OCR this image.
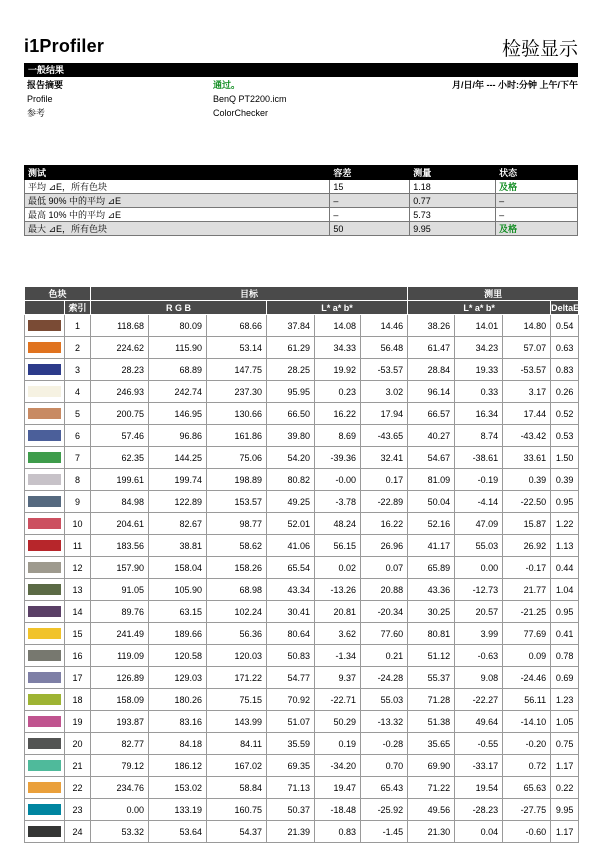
i1Profiler	检验显示
一般结果
报告摘要	通过。	月/日/年 --- 小时:分钟 上午/下午
Profile	BenQ PT2200.icm
参考	ColorChecker
测试	容差	测量	状态
平均 ⊿E，所有色块	15	1.18	及格
最低 90% 中的平均 ⊿E	–	0.77	–
最高 10% 中的平均 ⊿E	–	5.73	–
最大 ⊿E，所有色块	50	9.95	及格
色块		目标						测里			
	索引	R G B			L* a* b*			L* a* b*			DeltaE(76)

	1	118.68	80.09	68.66	37.84	14.08	14.46	38.26	14.01	14.80	0.54

	2	224.62	115.90	53.14	61.29	34.33	56.48	61.47	34.23	57.07	0.63

	3	28.23	68.89	147.75	28.25	19.92	-53.57	28.84	19.33	-53.57	0.83

	4	246.93	242.74	237.30	95.95	0.23	3.02	96.14	0.33	3.17	0.26

	5	200.75	146.95	130.66	66.50	16.22	17.94	66.57	16.34	17.44	0.52

	6	57.46	96.86	161.86	39.80	8.69	-43.65	40.27	8.74	-43.42	0.53

	7	62.35	144.25	75.06	54.20	-39.36	32.41	54.67	-38.61	33.61	1.50

	8	199.61	199.74	198.89	80.82	-0.00	0.17	81.09	-0.19	0.39	0.39

	9	84.98	122.89	153.57	49.25	-3.78	-22.89	50.04	-4.14	-22.50	0.95

	10	204.61	82.67	98.77	52.01	48.24	16.22	52.16	47.09	15.87	1.22

	11	183.56	38.81	58.62	41.06	56.15	26.96	41.17	55.03	26.92	1.13

	12	157.90	158.04	158.26	65.54	0.02	0.07	65.89	0.00	-0.17	0.44

	13	91.05	105.90	68.98	43.34	-13.26	20.88	43.36	-12.73	21.77	1.04

	14	89.76	63.15	102.24	30.41	20.81	-20.34	30.25	20.57	-21.25	0.95

	15	241.49	189.66	56.36	80.64	3.62	77.60	80.81	3.99	77.69	0.41

	16	119.09	120.58	120.03	50.83	-1.34	0.21	51.12	-0.63	0.09	0.78

	17	126.89	129.03	171.22	54.77	9.37	-24.28	55.37	9.08	-24.46	0.69

	18	158.09	180.26	75.15	70.92	-22.71	55.03	71.28	-22.27	56.11	1.23

	19	193.87	83.16	143.99	51.07	50.29	-13.32	51.38	49.64	-14.10	1.05

	20	82.77	84.18	84.11	35.59	0.19	-0.28	35.65	-0.55	-0.20	0.75

	21	79.12	186.12	167.02	69.35	-34.20	0.70	69.90	-33.17	0.72	1.17

	22	234.76	153.02	58.84	71.13	19.47	65.43	71.22	19.54	65.63	0.22

	23	0.00	133.19	160.75	50.37	-18.48	-25.92	49.56	-28.23	-27.75	9.95

	24	53.32	53.64	54.37	21.39	0.83	-1.45	21.30	0.04	-0.60	1.17
